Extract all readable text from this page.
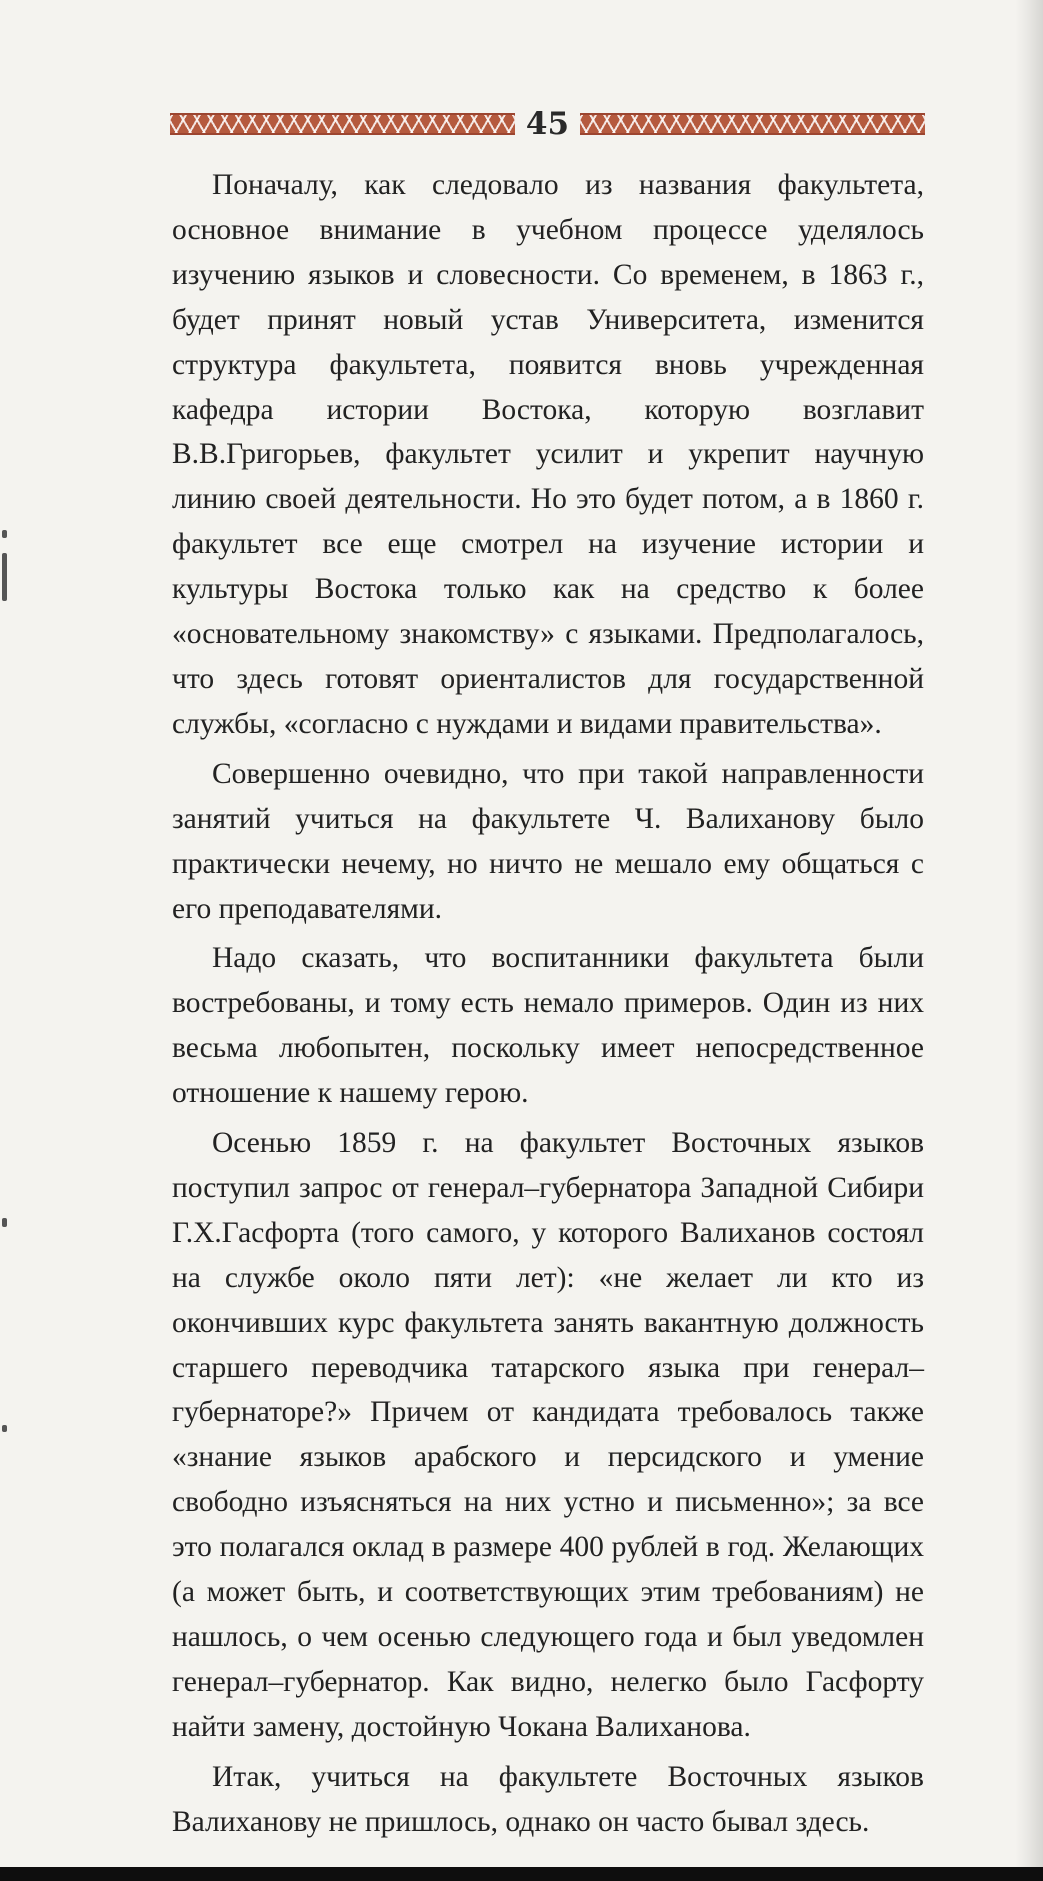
45

Поначалу, как следовало из названия факультета, основное внимание в учебном процессе уделялось изучению языков и словесности. Со временем, в 1863 г., будет принят новый устав Университета, изменится структура факультета, появится вновь учрежденная кафедра истории Востока, которую возглавит В.В.Григорьев, факультет усилит и укрепит научную линию своей деятельности. Но это будет потом, а в 1860 г. факультет все еще смотрел на изучение истории и культуры Востока только как на средство к более «основательному знакомству» с языками. Предполагалось, что здесь готовят ориенталистов для государственной службы, «согласно с нуждами и видами правительства».

Совершенно очевидно, что при такой направленности занятий учиться на факультете Ч. Валиханову было практически нечему, но ничто не мешало ему общаться с его преподавателями.

Надо сказать, что воспитанники факультета были востребованы, и тому есть немало примеров. Один из них весьма любопытен, поскольку имеет непосредственное отношение к нашему герою.

Осенью 1859 г. на факультет Восточных языков поступил запрос от генерал–губернатора Западной Сибири Г.Х.Гасфорта (того самого, у которого Валиханов состоял на службе около пяти лет): «не желает ли кто из окончивших курс факультета занять вакантную должность старшего переводчика татарского языка при генерал–губернаторе?» Причем от кандидата требовалось также «знание языков арабского и персидского и умение свободно изъясняться на них устно и письменно»; за все это полагался оклад в размере 400 рублей в год. Желающих (а может быть, и соответствующих этим требованиям) не нашлось, о чем осенью следующего года и был уведомлен генерал–губернатор. Как видно, нелегко было Гасфорту найти замену, достойную Чокана Валиханова.

Итак, учиться на факультете Восточных языков Валиханову не пришлось, однако он часто бывал здесь.
